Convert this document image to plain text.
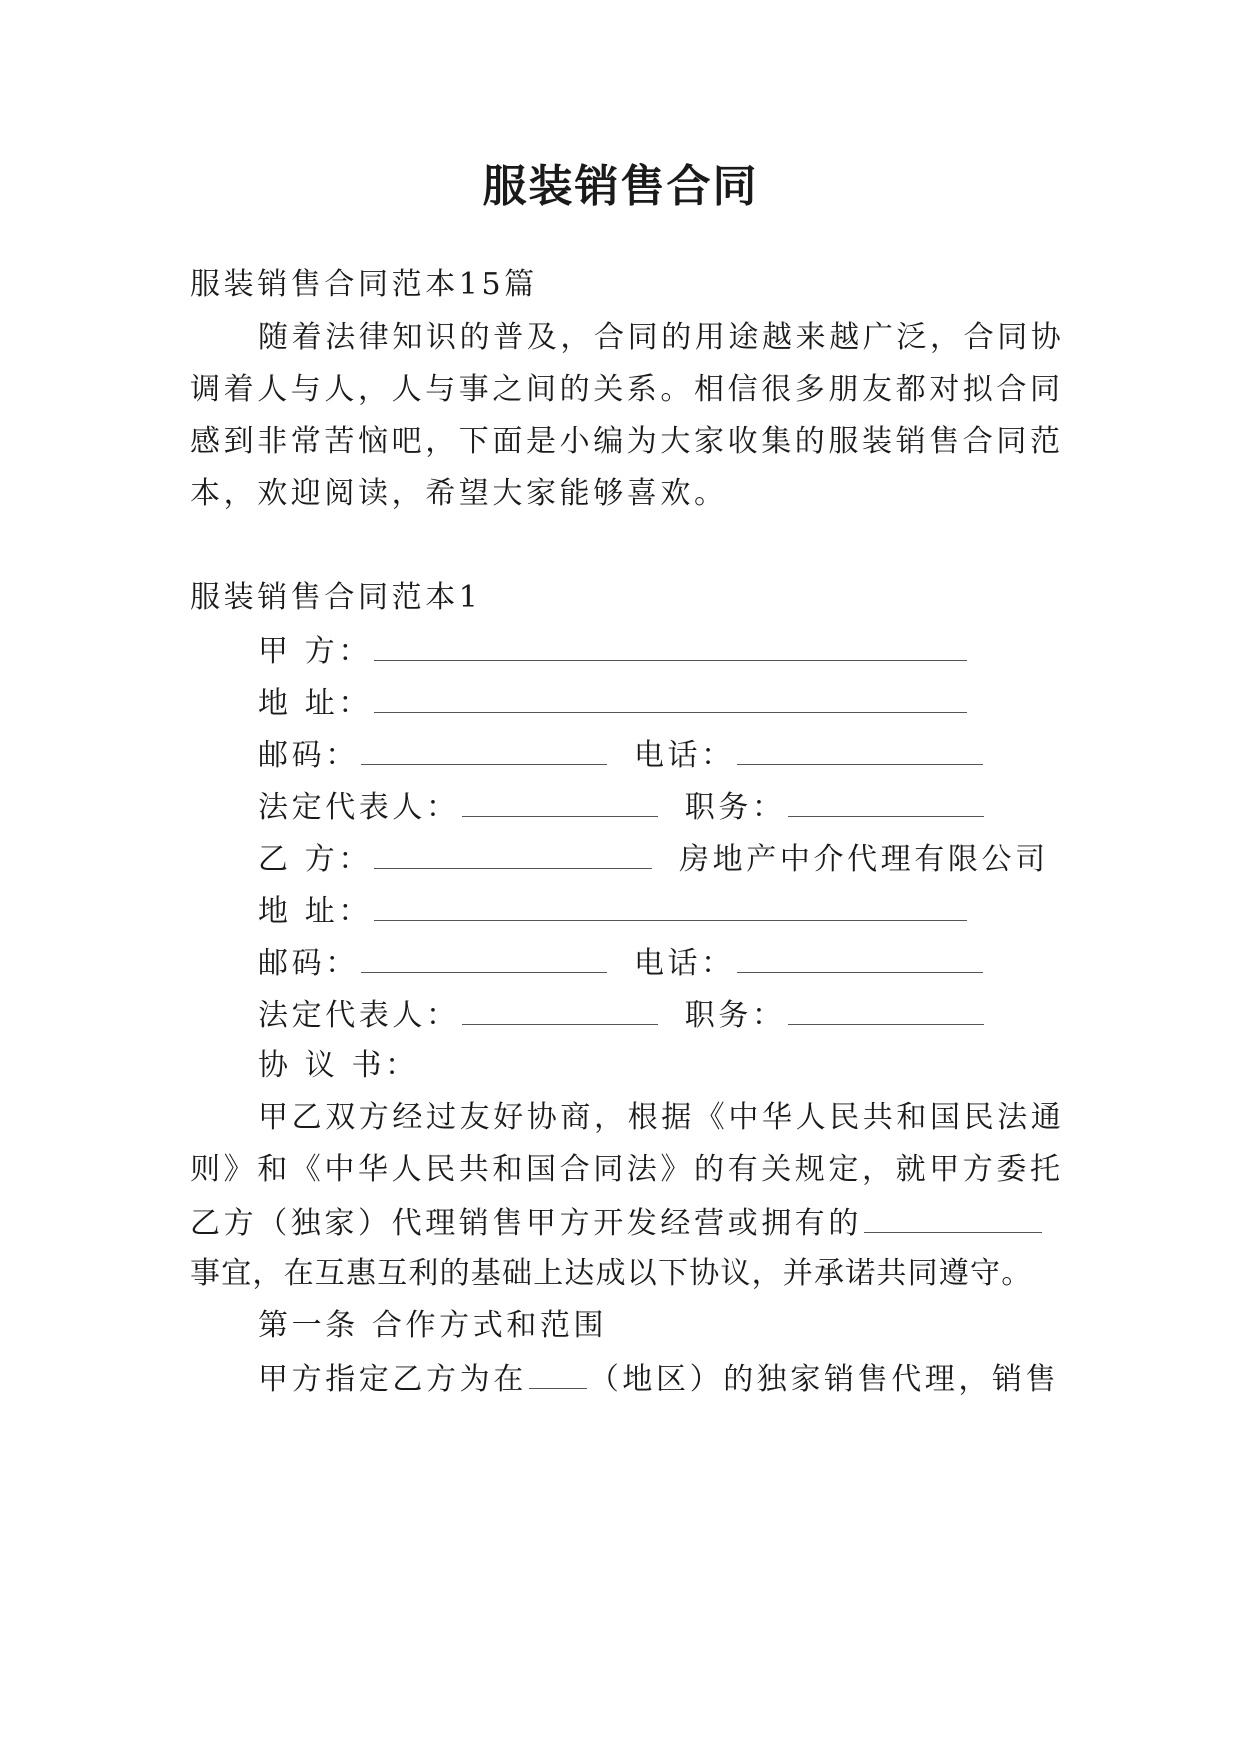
服装销售合同
服装销售合同范本15篇
随着法律知识的普及，合同的用途越来越广泛，合同协
调着人与人，人与事之间的关系。相信很多朋友都对拟合同
感到非常苦恼吧，下面是小编为大家收集的服装销售合同范
本，欢迎阅读，希望大家能够喜欢。
服装销售合同范本1
甲 方：
地 址：
邮码：	电话：
法定代表人：	职务：
乙 方：	房地产中介代理有限公司
地 址：
邮码：	电话：
法定代表人：	职务：
协 议 书：
甲乙双方经过友好协商，根据《中华人民共和国民法通
则》和《中华人民共和国合同法》的有关规定，就甲方委托
乙方（独家）代理销售甲方开发经营或拥有的
事宜，在互惠互利的基础上达成以下协议，并承诺共同遵守。
第一条 合作方式和范围
甲方指定乙方为在 （地区）的独家销售代理，销售
